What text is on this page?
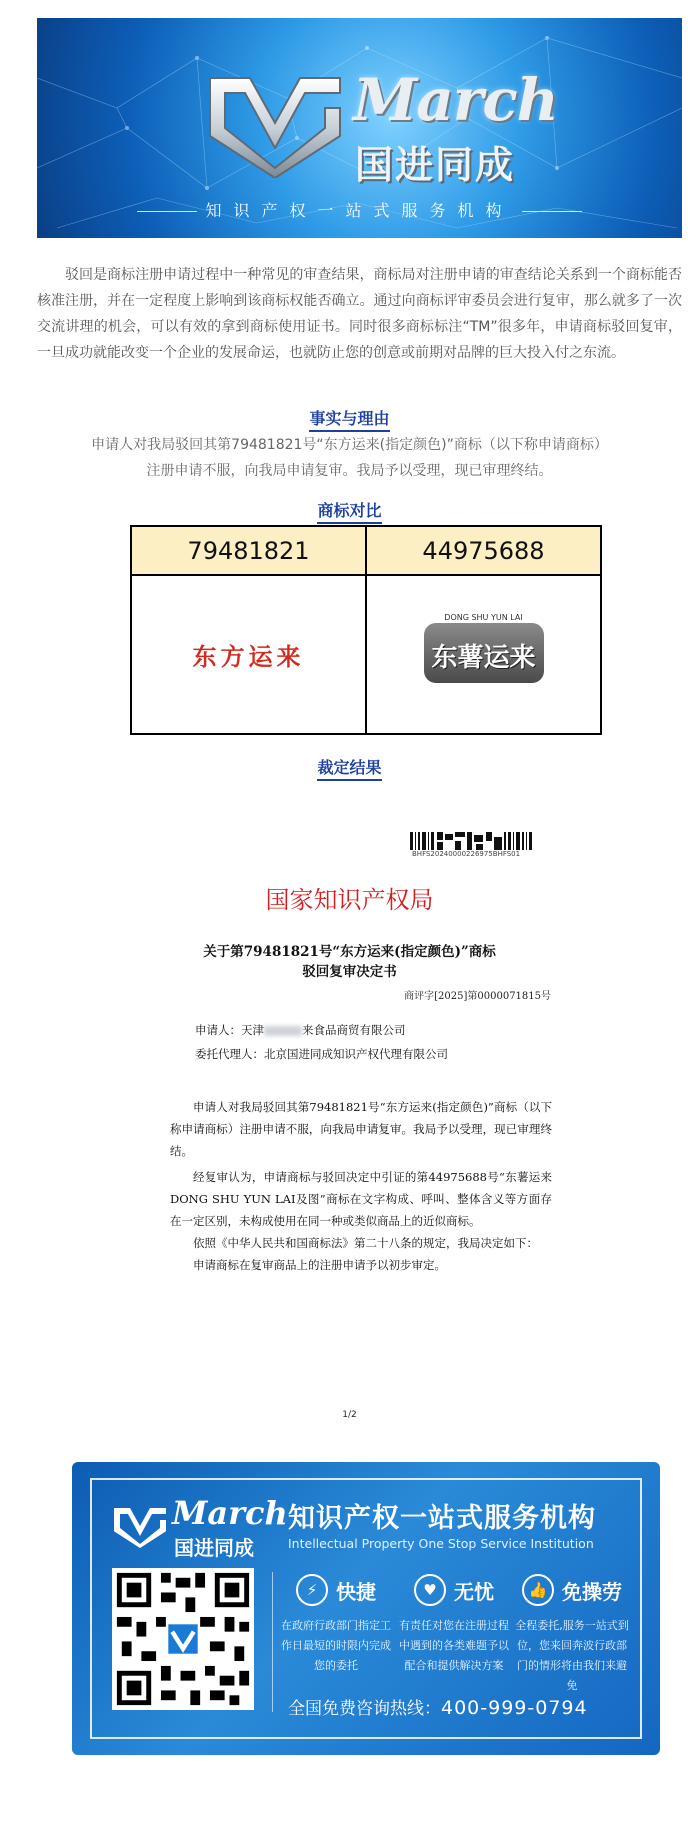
March
国进同成
知识产权一站式服务机构

驳回是商标注册申请过程中一种常见的审查结果，商标局对注册申请的审查结论关系到一个商标能否核准注册，并在一定程度上影响到该商标权能否确立。通过向商标评审委员会进行复审，那么就多了一次交流讲理的机会，可以有效的拿到商标使用证书。同时很多商标标注“TM”很多年，申请商标驳回复审，一旦成功就能改变一个企业的发展命运，也就防止您的创意或前期对品牌的巨大投入付之东流。

事实与理由
申请人对我局驳回其第79481821号“东方运来(指定颜色)”商标（以下称申请商标）
注册申请不服，向我局申请复审。我局予以受理，现已审理终结。
商标对比
79481821	44975688
东方运来	DONG SHU YUN LAI
东薯运来
裁定结果
BHFS20240000226975BHFS01
国家知识产权局
关于第79481821号“东方运来(指定颜色)”商标
驳回复审决定书
商评字[2025]第0000071815号
申请人：天津	来食品商贸有限公司
委托代理人：北京国进同成知识产权代理有限公司
申请人对我局驳回其第79481821号“东方运来(指定颜色)”商标（以下称申请商标）注册申请不服，向我局申请复审。我局予以受理，现已审理终结。
经复审认为，申请商标与驳回决定中引证的第44975688号“东薯运来DONG SHU YUN LAI及图”商标在文字构成、呼叫、整体含义等方面存在一定区别，未构成使用在同一种或类似商品上的近似商标。
依照《中华人民共和国商标法》第二十八条的规定，我局决定如下：
申请商标在复审商品上的注册申请予以初步审定。
1/2
March
国进同成
知识产权一站式服务机构
Intellectual Property One Stop Service Institution
⚡ 快捷
在政府行政部门指定工作日最短的时限内完成您的委托
♥ 无忧
有责任对您在注册过程中遇到的各类难题予以配合和提供解决方案
👍 免操劳
全程委托,服务一站式到位，您来回奔波行政部门的情形将由我们来避免
全国免费咨询热线：400-999-0794
